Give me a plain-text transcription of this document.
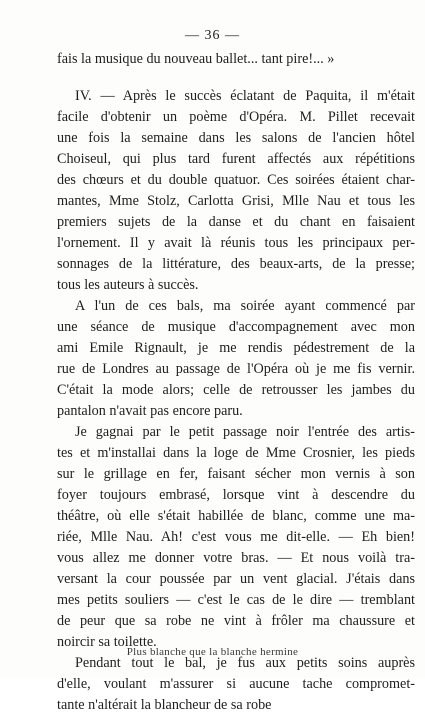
— 36 —
fais la musique du nouveau ballet... tant pire!... »
IV. — Après le succès éclatant de Paquita, il m'était
facile d'obtenir un poème d'Opéra. M. Pillet recevait
une fois la semaine dans les salons de l'ancien hôtel
Choiseul, qui plus tard furent affectés aux répétitions
des chœurs et du double quatuor. Ces soirées étaient char-
mantes, Mme Stolz, Carlotta Grisi, Mlle Nau et tous les
premiers sujets de la danse et du chant en faisaient
l'ornement. Il y avait là réunis tous les principaux per-
sonnages de la littérature, des beaux-arts, de la presse;
tous les auteurs à succès.
A l'un de ces bals, ma soirée ayant commencé par
une séance de musique d'accompagnement avec mon
ami Emile Rignault, je me rendis pédestrement de la
rue de Londres au passage de l'Opéra où je me fis vernir.
C'était la mode alors; celle de retrousser les jambes du
pantalon n'avait pas encore paru.
Je gagnai par le petit passage noir l'entrée des artis-
tes et m'installai dans la loge de Mme Crosnier, les pieds
sur le grillage en fer, faisant sécher mon vernis à son
foyer toujours embrasé, lorsque vint à descendre du
théâtre, où elle s'était habillée de blanc, comme une ma-
riée, Mlle Nau. Ah! c'est vous me dit-elle. — Eh bien!
vous allez me donner votre bras. — Et nous voilà tra-
versant la cour poussée par un vent glacial. J'étais dans
mes petits souliers — c'est le cas de le dire — tremblant
de peur que sa robe ne vint à frôler ma chaussure et
noircir sa toilette.
Pendant tout le bal, je fus aux petits soins auprès
d'elle, voulant m'assurer si aucune tache compromet-
tante n'altérait la blancheur de sa robe
Plus blanche que la blanche hermine
